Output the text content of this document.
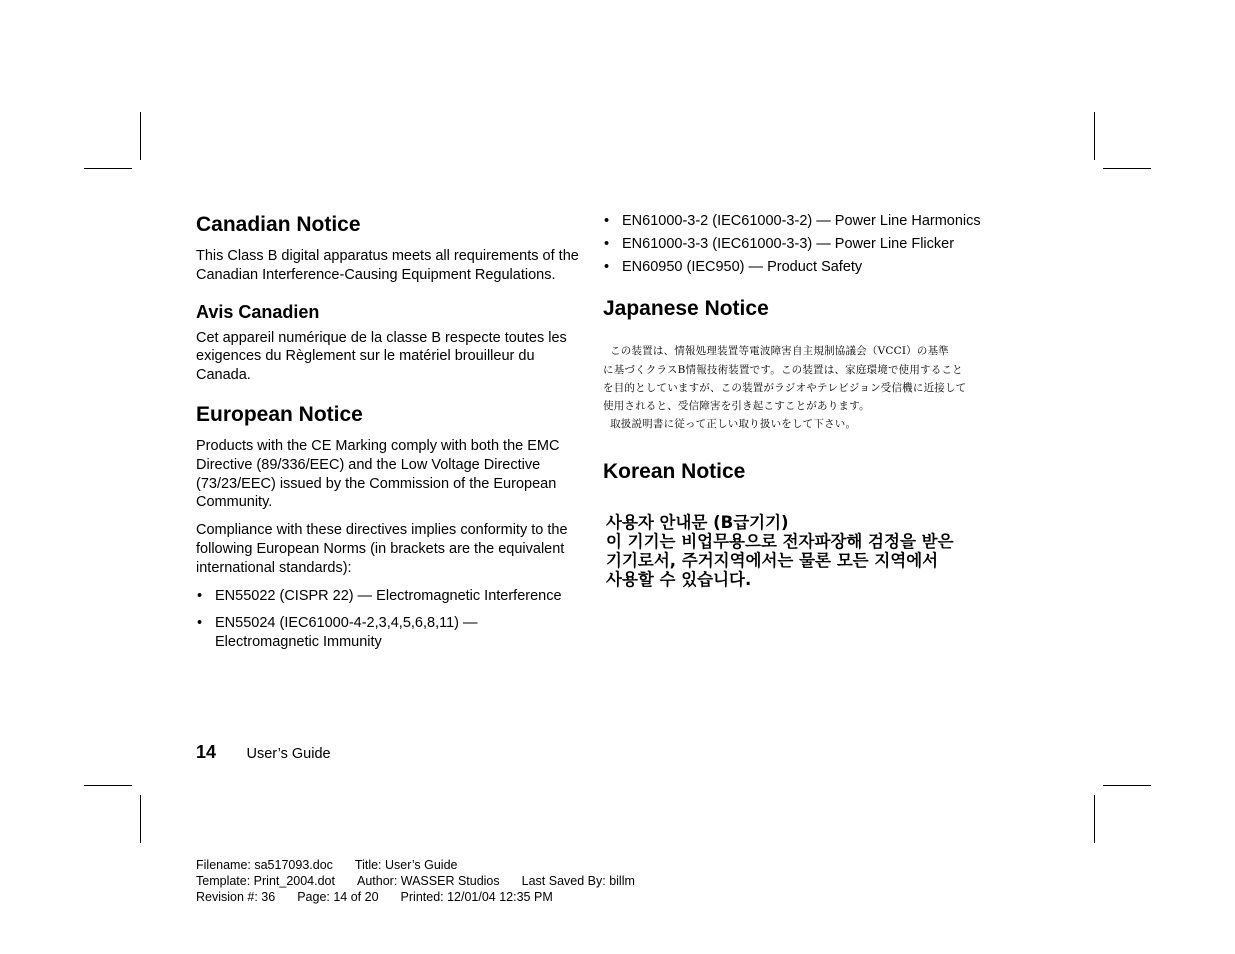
Canadian Notice

This Class B digital apparatus meets all requirements of the Canadian Interference-Causing Equipment Regulations.

Avis Canadien

Cet appareil numérique de la classe B respecte toutes les exigences du Règlement sur le matériel brouilleur du Canada.

European Notice

Products with the CE Marking comply with both the EMC Directive (89/336/EEC) and the Low Voltage Directive (73/23/EEC) issued by the Commission of the European Community.

Compliance with these directives implies conformity to the following European Norms (in brackets are the equivalent international standards):

• EN55022 (CISPR 22) — Electromagnetic Interference
• EN55024 (IEC61000-4-2,3,4,5,6,8,11) — Electromagnetic Immunity
• EN61000-3-2 (IEC61000-3-2) — Power Line Harmonics
• EN61000-3-3 (IEC61000-3-3) — Power Line Flicker
• EN60950 (IEC950) — Product Safety
Japanese Notice
この装置は、情報処理装置等電波障害自主規制協議会（VCCI）の基準
に基づくクラスB情報技術装置です。この装置は、家庭環境で使用すること
を目的としていますが、この装置がラジオやテレビジョン受信機に近接して
使用されると、受信障害を引き起こすことがあります。
取扱説明書に従って正しい取り扱いをして下さい。
Korean Notice
사용자 안내문 (B급기기)
이 기기는 비업무용으로 전자파장해 검정을 받은
기기로서, 주거지역에서는 물론 모든 지역에서
사용할 수 있습니다.
14 User’s Guide
Filename: sa517093.doc Title: User’s Guide
Template: Print_2004.dot Author: WASSER Studios Last Saved By: billm
Revision #: 36 Page: 14 of 20 Printed: 12/01/04 12:35 PM
